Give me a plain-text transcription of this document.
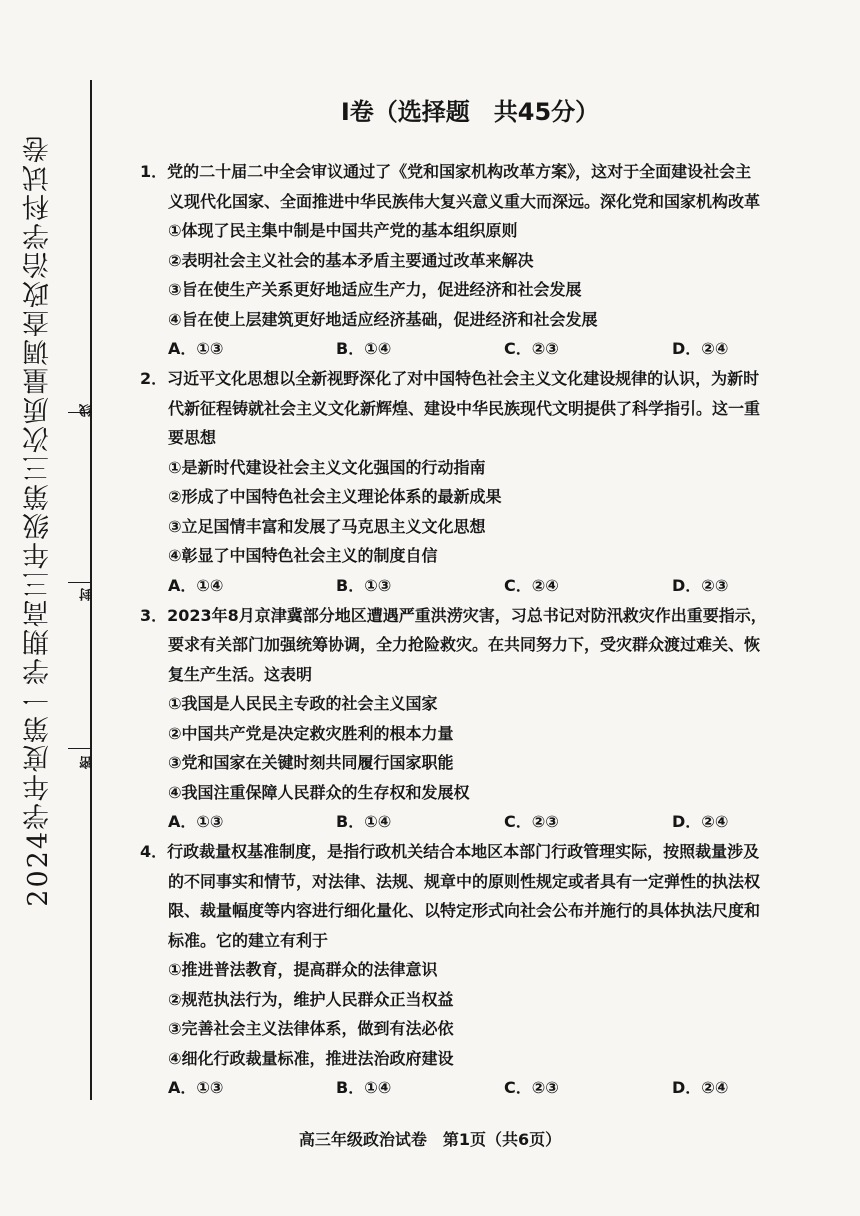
2024学年度第一学期高三年级第三次质量调查政治学科试卷	线
封
密
I卷（选择题　共45分）
1．党的二十届二中全会审议通过了《党和国家机构改革方案》，这对于全面建设社会主
义现代化国家、全面推进中华民族伟大复兴意义重大而深远。深化党和国家机构改革
①体现了民主集中制是中国共产党的基本组织原则
②表明社会主义社会的基本矛盾主要通过改革来解决
③旨在使生产关系更好地适应生产力，促进经济和社会发展
④旨在使上层建筑更好地适应经济基础，促进经济和社会发展
A．①③	B．①④	C．②③	D．②④
2．习近平文化思想以全新视野深化了对中国特色社会主义文化建设规律的认识，为新时
代新征程铸就社会主义文化新辉煌、建设中华民族现代文明提供了科学指引。这一重
要思想
①是新时代建设社会主义文化强国的行动指南
②形成了中国特色社会主义理论体系的最新成果
③立足国情丰富和发展了马克思主义文化思想
④彰显了中国特色社会主义的制度自信
A．①④	B．①③	C．②④	D．②③
3．2023年8月京津冀部分地区遭遇严重洪涝灾害，习总书记对防汛救灾作出重要指示，
要求有关部门加强统筹协调，全力抢险救灾。在共同努力下，受灾群众渡过难关、恢
复生产生活。这表明
①我国是人民民主专政的社会主义国家
②中国共产党是决定救灾胜利的根本力量
③党和国家在关键时刻共同履行国家职能
④我国注重保障人民群众的生存权和发展权
A．①③	B．①④	C．②③	D．②④
4．行政裁量权基准制度，是指行政机关结合本地区本部门行政管理实际，按照裁量涉及
的不同事实和情节，对法律、法规、规章中的原则性规定或者具有一定弹性的执法权
限、裁量幅度等内容进行细化量化、以特定形式向社会公布并施行的具体执法尺度和
标准。它的建立有利于
①推进普法教育，提高群众的法律意识
②规范执法行为，维护人民群众正当权益
③完善社会主义法律体系，做到有法必依
④细化行政裁量标准，推进法治政府建设
A．①③	B．①④	C．②③	D．②④
高三年级政治试卷　第1页（共6页）
